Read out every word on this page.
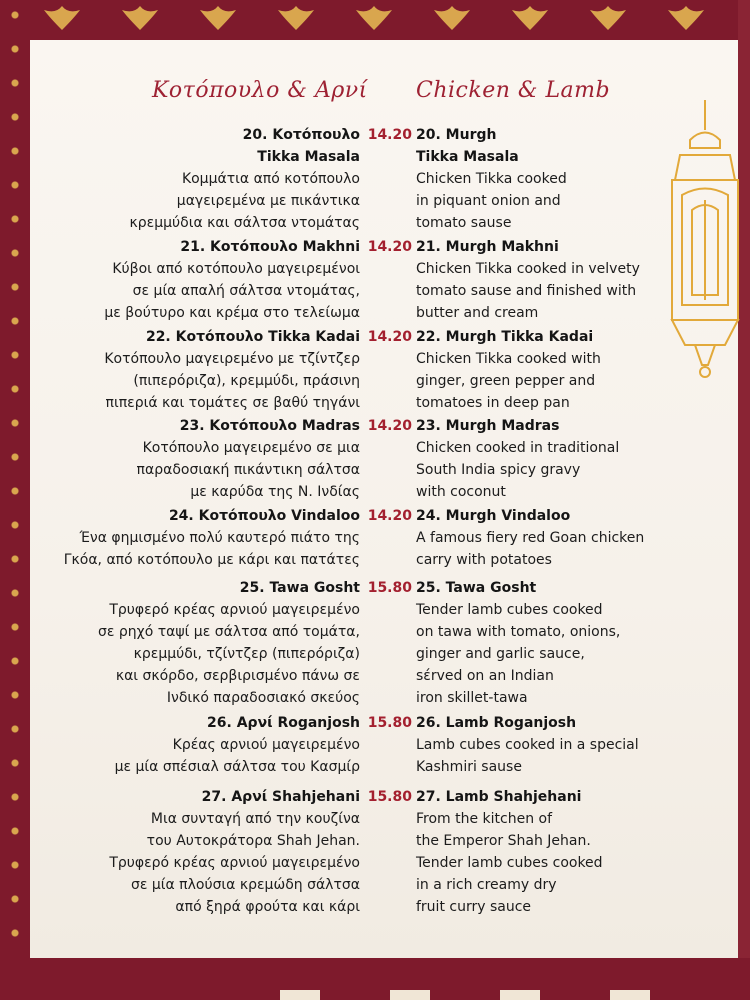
Κοτόπουλο & Αρνί Chicken & Lamb
20. Κοτόπουλο
Tikka Masala
Κομμάτια από κοτόπουλο
μαγειρεμένα με πικάντικα
κρεμμύδια και σάλτσα ντομάτας
14.20 20. Murgh
Tikka Masala
Chicken Tikka cooked
in piquant onion and
tomato sause
21. Κοτόπουλο Makhni
Κύβοι από κοτόπουλο μαγειρεμένοι
σε μία απαλή σάλτσα ντομάτας,
με βούτυρο και κρέμα στο τελείωμα
14.20 21. Murgh Makhni
Chicken Tikka cooked in velvety
tomato sause and finished with
butter and cream
22. Κοτόπουλο Tikka Kadai
Κοτόπουλο μαγειρεμένο με τζίντζερ
(πιπερόριζα), κρεμμύδι, πράσινη
πιπεριά και τομάτες σε βαθύ τηγάνι
14.20 22. Murgh Tikka Kadai
Chicken Tikka cooked with
ginger, green pepper and
tomatoes in deep pan
23. Κοτόπουλο Madras
Κοτόπουλο μαγειρεμένο σε μια
παραδοσιακή πικάντικη σάλτσα
με καρύδα της Ν. Ινδίας
14.20 23. Murgh Madras
Chicken cooked in traditional
South India spicy gravy
with coconut
24. Κοτόπουλο Vindaloo
Ένα φημισμένο πολύ καυτερό πιάτο της
Γκόα, από κοτόπουλο με κάρι και πατάτες
14.20 24. Murgh Vindaloo
A famous fiery red Goan chicken
carry with potatoes
25. Tawa Gosht
Τρυφερό κρέας αρνιού μαγειρεμένο
σε ρηχό ταψί με σάλτσα από τομάτα,
κρεμμύδι, τζίντζερ (πιπερόριζα)
και σκόρδο, σερβιρισμένο πάνω σε
Ινδικό παραδοσιακό σκεύος
15.80 25. Tawa Gosht
Tender lamb cubes cooked
on tawa with tomato, onions,
ginger and garlic sauce,
sέrved on an Indian
iron skillet-tawa
26. Αρνί Roganjosh
Κρέας αρνιού μαγειρεμένο
με μία σπέσιαλ σάλτσα του Κασμίρ
15.80 26. Lamb Roganjosh
Lamb cubes cooked in a special
Kashmiri sause
27. Αρνί Shahjehani
Μια συνταγή από την κουζίνα
του Αυτοκράτορα Shah Jehan.
Τρυφερό κρέας αρνιού μαγειρεμένο
σε μία πλούσια κρεμώδη σάλτσα
από ξηρά φρούτα και κάρι
15.80 27. Lamb Shahjehani
From the kitchen of
the Emperor Shah Jehan.
Tender lamb cubes cooked
in a rich creamy dry
fruit curry sauce
